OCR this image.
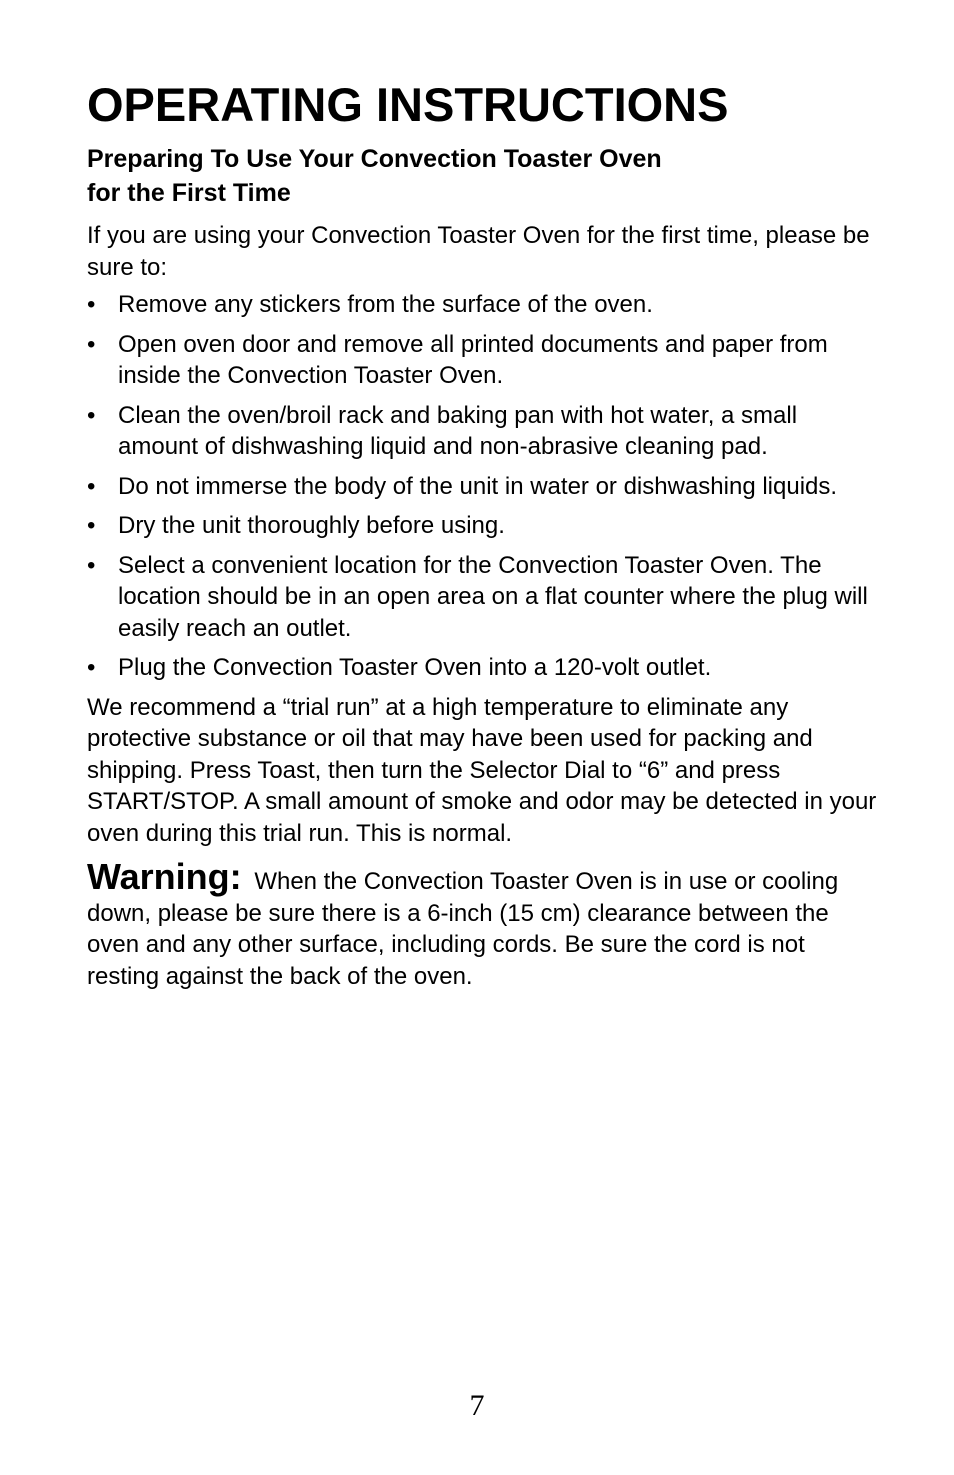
OPERATING INSTRUCTIONS
Preparing To Use Your Convection Toaster Oven
for the First Time

If you are using your Convection Toaster Oven for the first time, please be sure to:

• Remove any stickers from the surface of the oven.
• Open oven door and remove all printed documents and paper from inside the Convection Toaster Oven.
• Clean the oven/broil rack and baking pan with hot water, a small amount of dishwashing liquid and non-abrasive cleaning pad.
• Do not immerse the body of the unit in water or dishwashing liquids.
• Dry the unit thoroughly before using.
• Select a convenient location for the Convection Toaster Oven. The location should be in an open area on a flat counter where the plug will easily reach an outlet.
• Plug the Convection Toaster Oven into a 120-volt outlet.

We recommend a “trial run” at a high temperature to eliminate any protective substance or oil that may have been used for packing and shipping. Press Toast, then turn the Selector Dial to “6” and press START/STOP. A small amount of smoke and odor may be detected in your oven during this trial run. This is normal.

Warning: When the Convection Toaster Oven is in use or cooling down, please be sure there is a 6-inch (15 cm) clearance between the oven and any other surface, including cords. Be sure the cord is not resting against the back of the oven.

7
